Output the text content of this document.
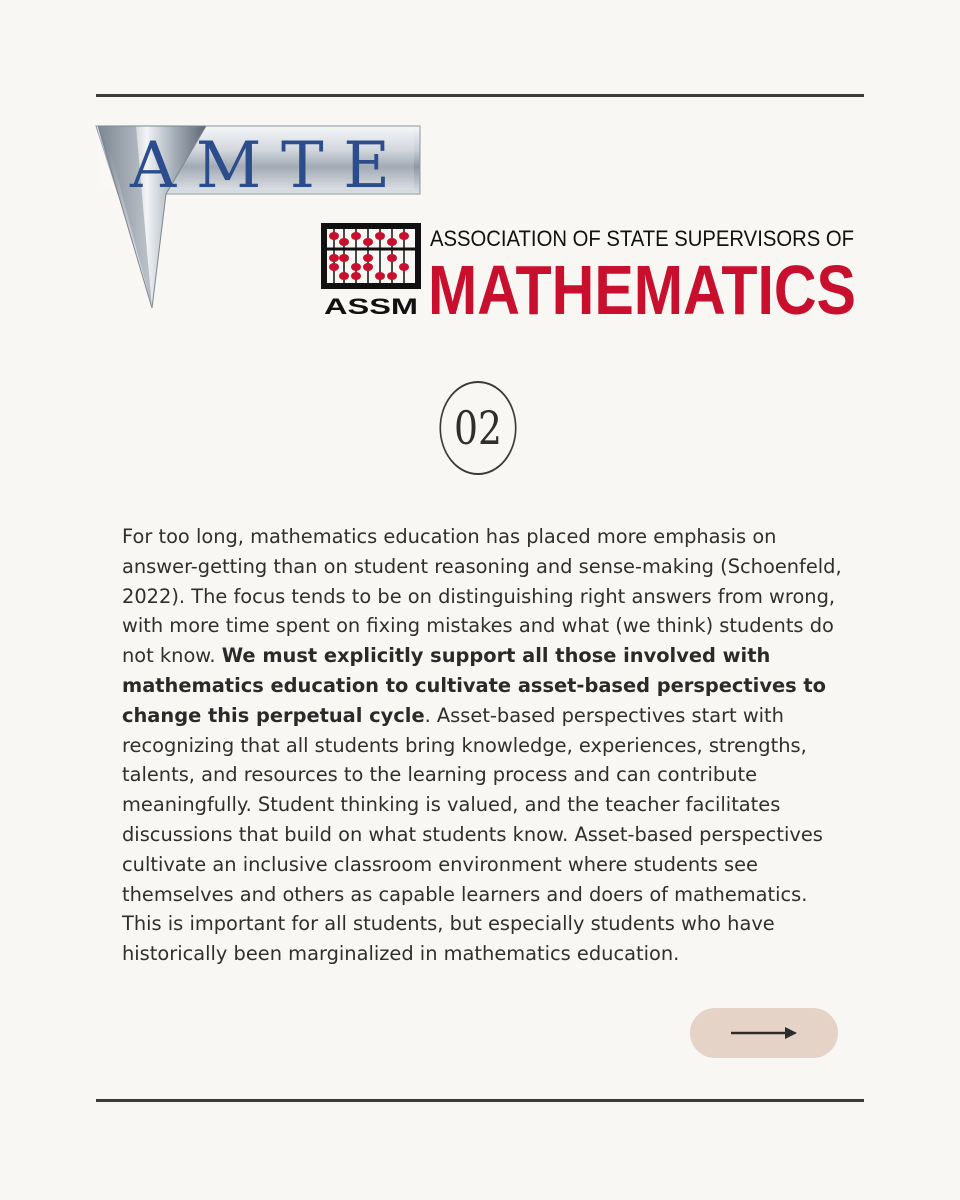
AMTE
ASSM
ASSOCIATION OF STATE SUPERVISORS OF
MATHEMATICS
02

For too long, mathematics education has placed more emphasis on answer-getting than on student reasoning and sense-making (Schoenfeld, 2022). The focus tends to be on distinguishing right answers from wrong, with more time spent on fixing mistakes and what (we think) students do not know. We must explicitly support all those involved with mathematics education to cultivate asset-based perspectives to change this perpetual cycle. Asset-based perspectives start with recognizing that all students bring knowledge, experiences, strengths, talents, and resources to the learning process and can contribute meaningfully. Student thinking is valued, and the teacher facilitates discussions that build on what students know. Asset-based perspectives cultivate an inclusive classroom environment where students see themselves and others as capable learners and doers of mathematics. This is important for all students, but especially students who have historically been marginalized in mathematics education.
